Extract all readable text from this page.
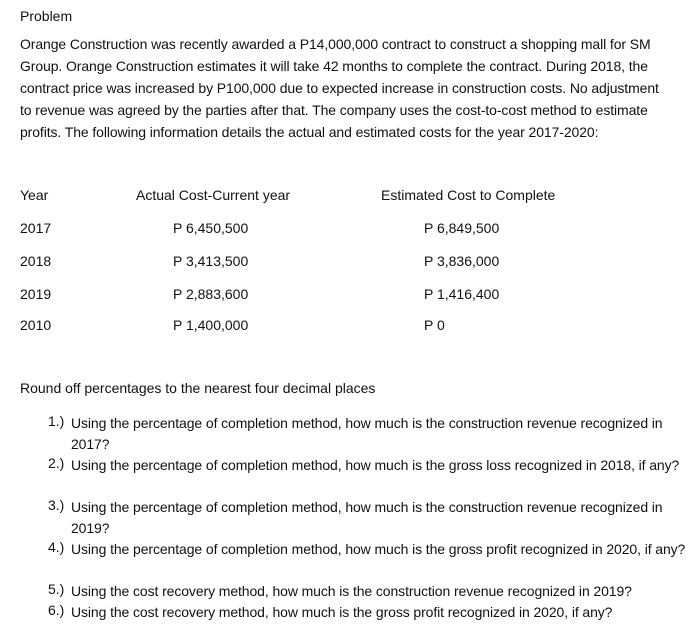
Problem
Orange Construction was recently awarded a P14,000,000 contract to construct a shopping mall for SM
Group. Orange Construction estimates it will take 42 months to complete the contract. During 2018, the
contract price was increased by P100,000 due to expected increase in construction costs. No adjustment
to revenue was agreed by the parties after that. The company uses the cost-to-cost method to estimate
profits. The following information details the actual and estimated costs for the year 2017-2020:
Year	Actual Cost-Current year	Estimated Cost to Complete
2017	P 6,450,500	P 6,849,500
2018	P 3,413,500	P 3,836,000
2019	P 2,883,600	P 1,416,400
2010	P 1,400,000	P 0
Round off percentages to the nearest four decimal places
1.) Using the percentage of completion method, how much is the construction revenue recognized in 2017?
2.) Using the percentage of completion method, how much is the gross loss recognized in 2018, if any?
3.) Using the percentage of completion method, how much is the construction revenue recognized in 2019?
4.) Using the percentage of completion method, how much is the gross profit recognized in 2020, if any?
5.) Using the cost recovery method, how much is the construction revenue recognized in 2019?
6.) Using the cost recovery method, how much is the gross profit recognized in 2020, if any?
